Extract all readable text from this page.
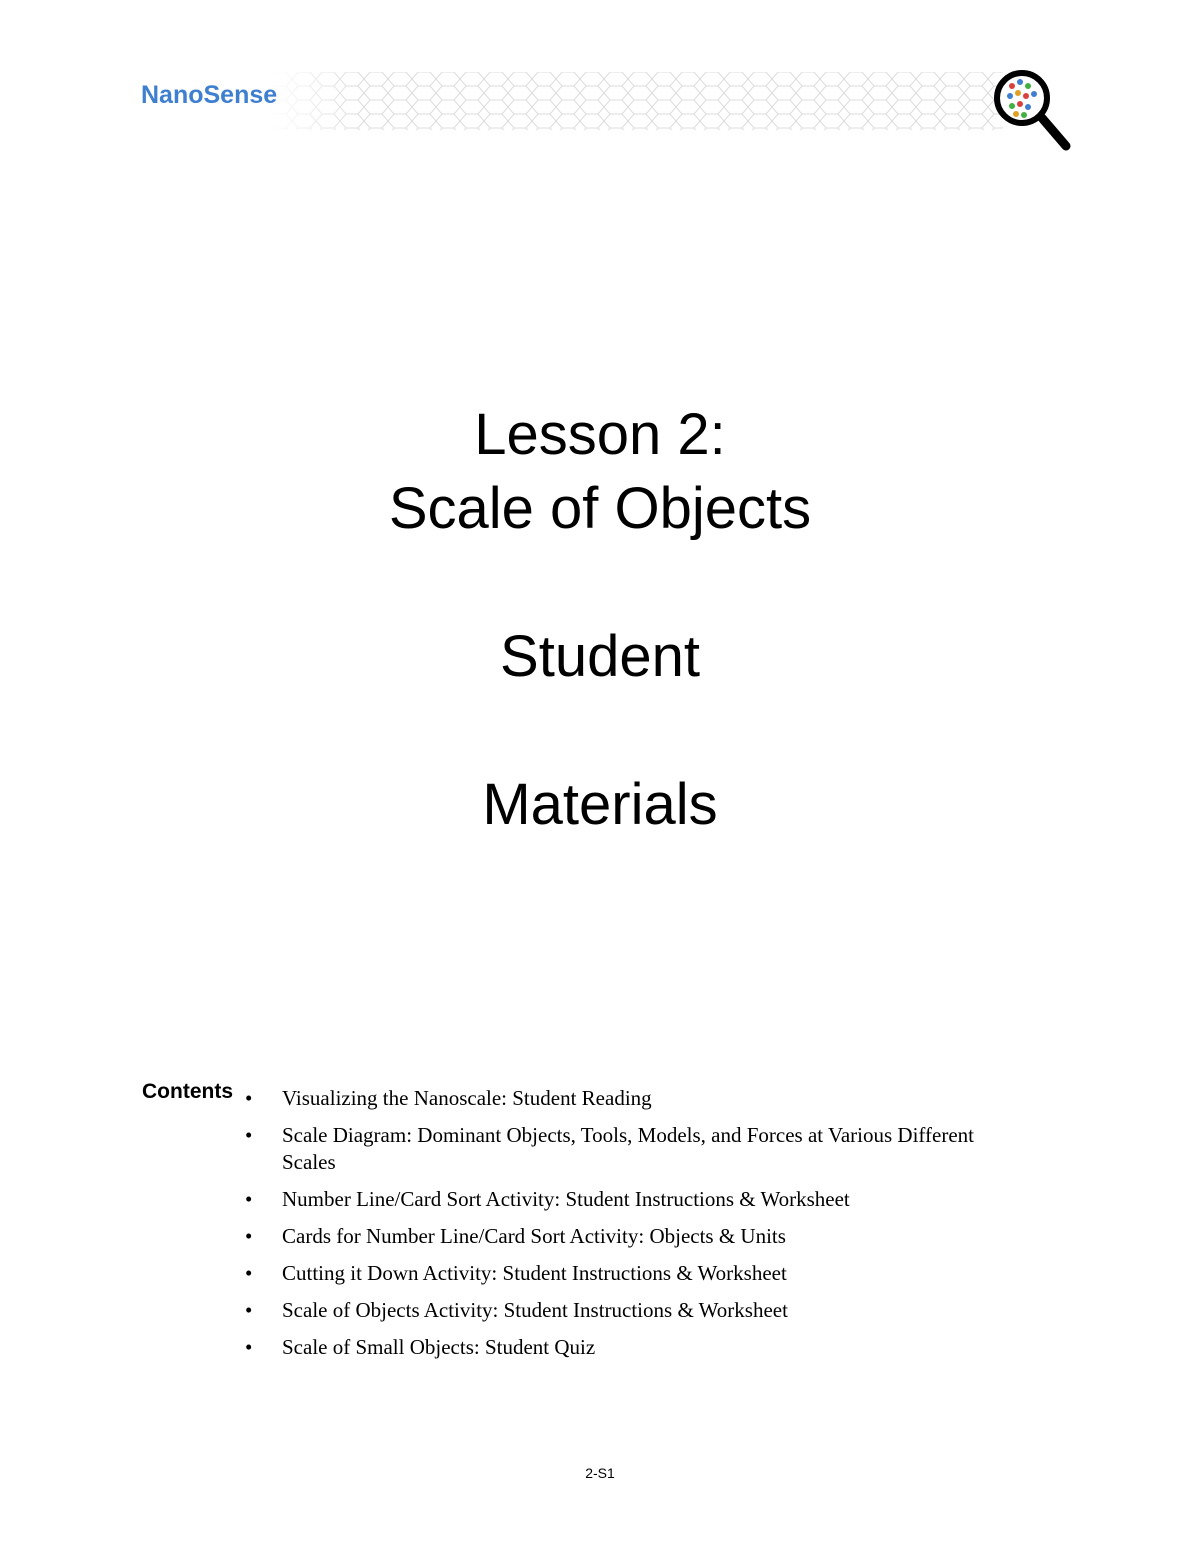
NanoSense
Lesson 2:
Scale of Objects
Student
Materials
Contents • Visualizing the Nanoscale: Student Reading
• Scale Diagram: Dominant Objects, Tools, Models, and Forces at Various Different Scales
• Number Line/Card Sort Activity: Student Instructions & Worksheet
• Cards for Number Line/Card Sort Activity: Objects & Units
• Cutting it Down Activity: Student Instructions & Worksheet
• Scale of Objects Activity: Student Instructions & Worksheet
• Scale of Small Objects: Student Quiz
2-S1
